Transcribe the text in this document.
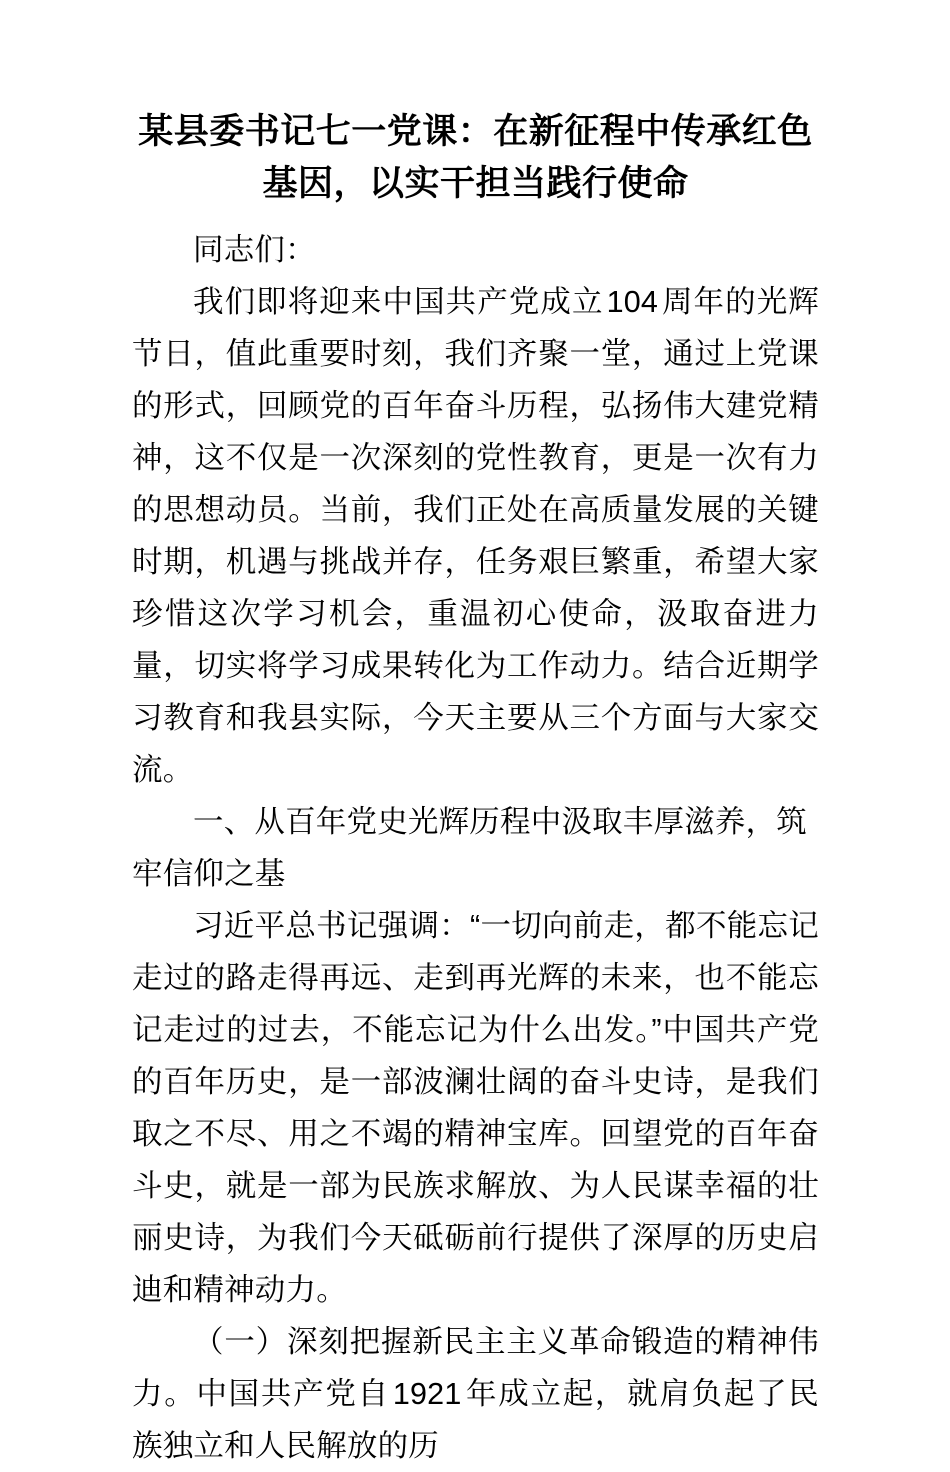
某县委书记七一党课：在新征程中传承红色基因，以实干担当践行使命

同志们：

我们即将迎来中国共产党成立104周年的光辉节日，值此重要时刻，我们齐聚一堂，通过上党课的形式，回顾党的百年奋斗历程，弘扬伟大建党精神，这不仅是一次深刻的党性教育，更是一次有力的思想动员。当前，我们正处在高质量发展的关键时期，机遇与挑战并存，任务艰巨繁重，希望大家珍惜这次学习机会，重温初心使命，汲取奋进力量，切实将学习成果转化为工作动力。结合近期学习教育和我县实际，今天主要从三个方面与大家交流。

一、从百年党史光辉历程中汲取丰厚滋养，筑牢信仰之基

习近平总书记强调：“一切向前走，都不能忘记走过的路走得再远、走到再光辉的未来，也不能忘记走过的过去，不能忘记为什么出发。”中国共产党的百年历史，是一部波澜壮阔的奋斗史诗，是我们取之不尽、用之不竭的精神宝库。回望党的百年奋斗史，就是一部为民族求解放、为人民谋幸福的壮丽史诗，为我们今天砥砺前行提供了深厚的历史启迪和精神动力。

（一）深刻把握新民主主义革命锻造的精神伟力。中国共产党自1921年成立起，就肩负起了民族独立和人民解放的历
